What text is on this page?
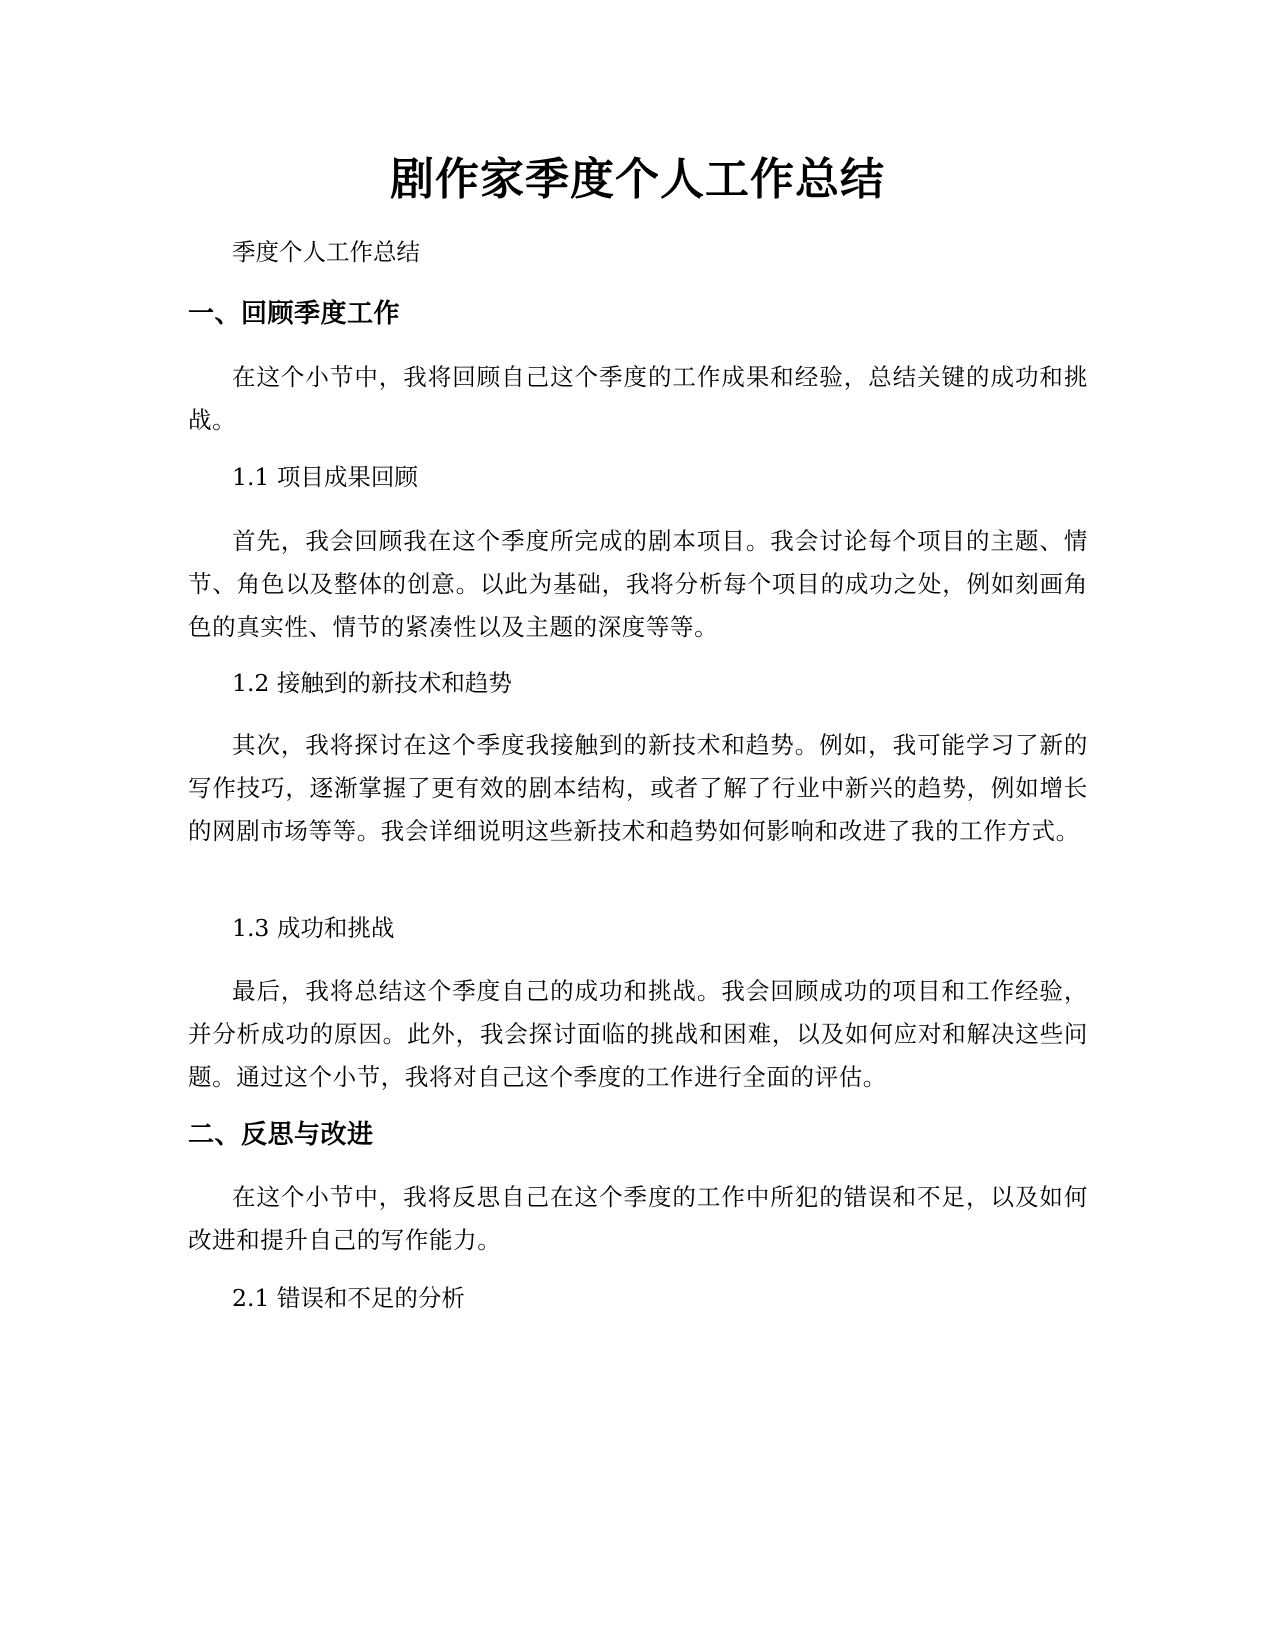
剧作家季度个人工作总结

季度个人工作总结

一、回顾季度工作

在这个小节中，我将回顾自己这个季度的工作成果和经验，总结关键的成功和挑战。

1.1 项目成果回顾

首先，我会回顾我在这个季度所完成的剧本项目。我会讨论每个项目的主题、情节、角色以及整体的创意。以此为基础，我将分析每个项目的成功之处，例如刻画角色的真实性、情节的紧凑性以及主题的深度等等。

1.2 接触到的新技术和趋势

其次，我将探讨在这个季度我接触到的新技术和趋势。例如，我可能学习了新的写作技巧，逐渐掌握了更有效的剧本结构，或者了解了行业中新兴的趋势，例如增长的网剧市场等等。我会详细说明这些新技术和趋势如何影响和改进了我的工作方式。

1.3 成功和挑战

最后，我将总结这个季度自己的成功和挑战。我会回顾成功的项目和工作经验，并分析成功的原因。此外，我会探讨面临的挑战和困难，以及如何应对和解决这些问题。通过这个小节，我将对自己这个季度的工作进行全面的评估。

二、反思与改进

在这个小节中，我将反思自己在这个季度的工作中所犯的错误和不足，以及如何改进和提升自己的写作能力。

2.1 错误和不足的分析
